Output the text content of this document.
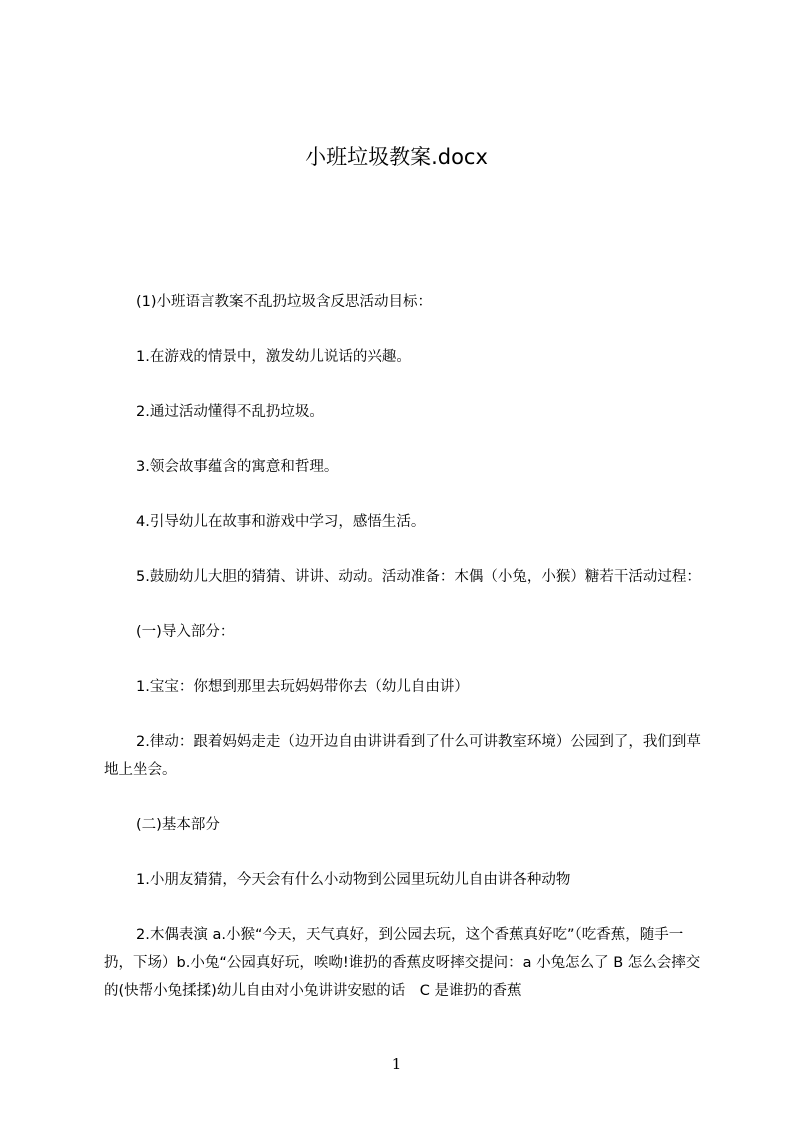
小班垃圾教案.docx

(1)小班语言教案不乱扔垃圾含反思活动目标：

1.在游戏的情景中，激发幼儿说话的兴趣。

2.通过活动懂得不乱扔垃圾。

3.领会故事蕴含的寓意和哲理。

4.引导幼儿在故事和游戏中学习，感悟生活。

5.鼓励幼儿大胆的猜猜、讲讲、动动。活动准备：木偶（小兔，小猴）糖若干活动过程：

(一)导入部分：

1.宝宝：你想到那里去玩妈妈带你去（幼儿自由讲）

2.律动：跟着妈妈走走（边开边自由讲讲看到了什么可讲教室环境）公园到了，我们到草地上坐会。

(二)基本部分

1.小朋友猜猜，今天会有什么小动物到公园里玩幼儿自由讲各种动物

2.木偶表演 a.小猴“今天，天气真好，到公园去玩，这个香蕉真好吃”（吃香蕉，随手一扔，下场）b.小兔“公园真好玩，唉呦!谁扔的香蕉皮呀摔交提问：a 小兔怎么了 B 怎么会摔交的(快帮小兔揉揉)幼儿自由对小兔讲讲安慰的话　C 是谁扔的香蕉

1
